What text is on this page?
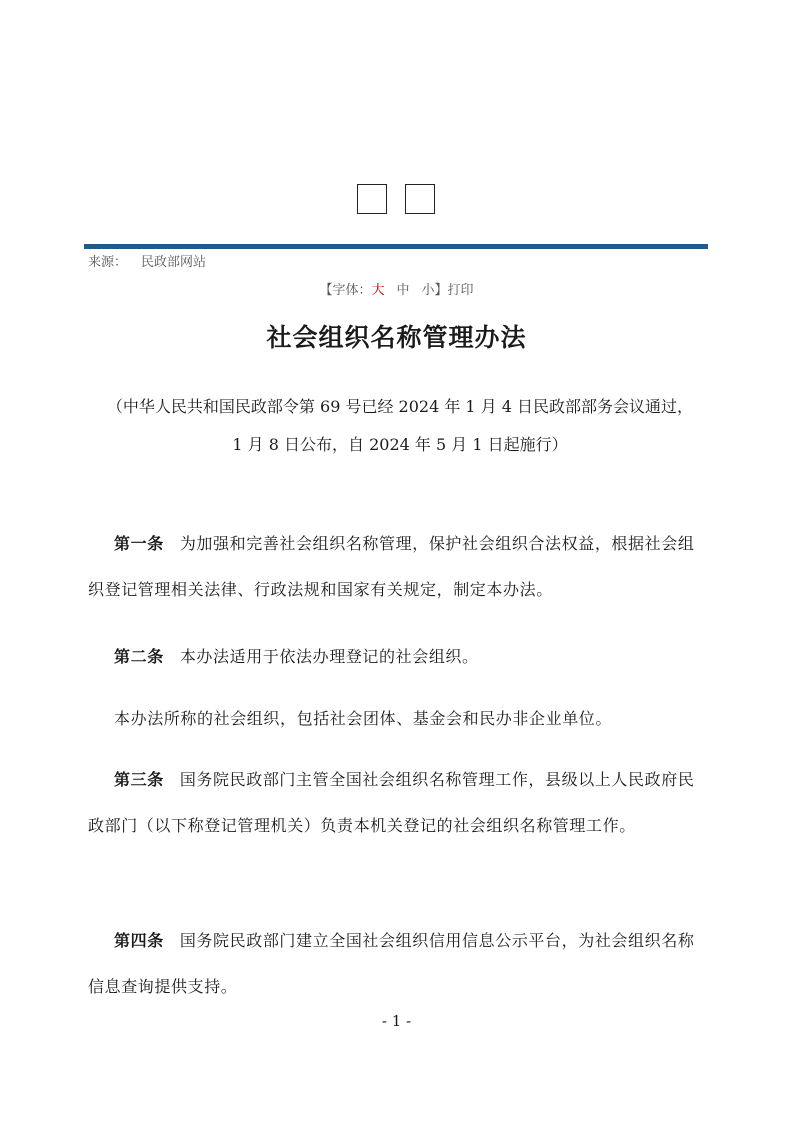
来源： 民政部网站
【字体：大 中 小】打印
社会组织名称管理办法
（中华人民共和国民政部令第 69 号已经 2024 年 1 月 4 日民政部部务会议通过，
1 月 8 日公布，自 2024 年 5 月 1 日起施行）

第一条 为加强和完善社会组织名称管理，保护社会组织合法权益，根据社会组织登记管理相关法律、行政法规和国家有关规定，制定本办法。

第二条 本办法适用于依法办理登记的社会组织。

本办法所称的社会组织，包括社会团体、基金会和民办非企业单位。

第三条 国务院民政部门主管全国社会组织名称管理工作，县级以上人民政府民政部门（以下称登记管理机关）负责本机关登记的社会组织名称管理工作。

第四条 国务院民政部门建立全国社会组织信用信息公示平台，为社会组织名称信息查询提供支持。

- 1 -
